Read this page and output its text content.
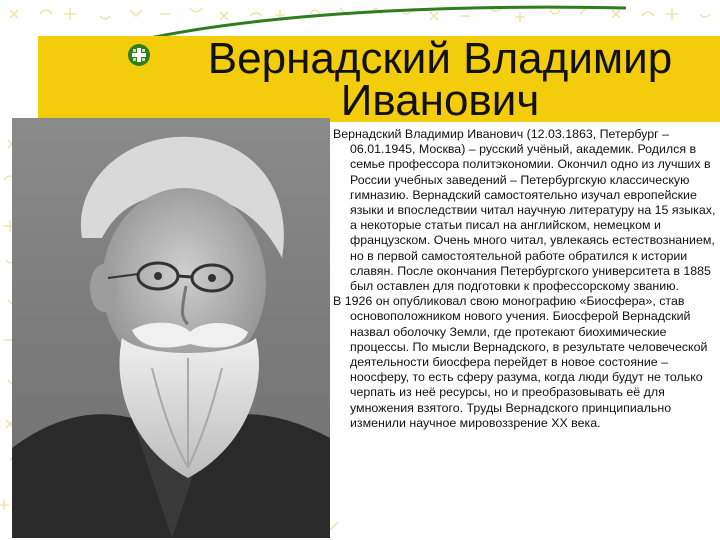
Вернадский Владимир
Иванович

Вернадский Владимир Иванович (12.03.1863, Петербург – 06.01.1945, Москва) – русский учёный, академик. Родился в семье профессора политэкономии. Окончил одно из лучших в России учебных заведений – Петербургскую классическую гимназию. Вернадский самостоятельно изучал европейские языки и впоследствии читал научную литературу на 15 языках, а некоторые статьи писал на английском, немецком и французском. Очень много читал, увлекаясь естествознанием, но в первой самостоятельной работе обратился к истории славян. После окончания Петербургского университета в 1885 был оставлен для подготовки к профессорскому званию.

В 1926 он опубликовал свою монографию «Биосфера», став основоположником нового учения. Биосферой Вернадский назвал оболочку Земли, где протекают биохимические процессы. По мысли Вернадского, в результате человеческой деятельности биосфера перейдет в новое состояние – ноосферу, то есть сферу разума, когда люди будут не только черпать из неё ресурсы, но и преобразовывать её для умножения взятого. Труды Вернадского принципиально изменили научное мировоззрение XX века.
